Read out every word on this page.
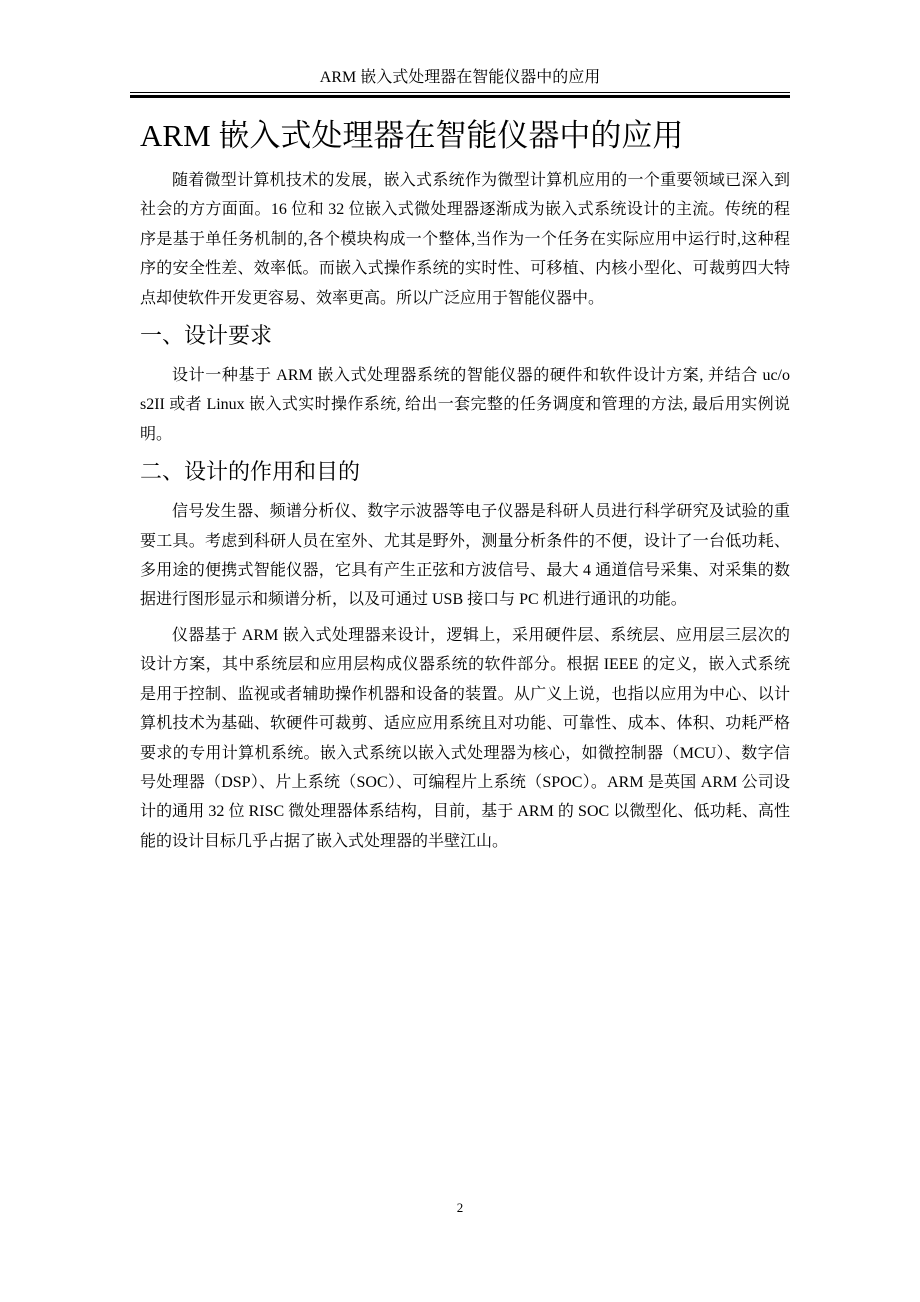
ARM 嵌入式处理器在智能仪器中的应用
ARM 嵌入式处理器在智能仪器中的应用

随着微型计算机技术的发展，嵌入式系统作为微型计算机应用的一个重要领域已深入到社会的方方面面。16 位和 32 位嵌入式微处理器逐渐成为嵌入式系统设计的主流。传统的程序是基于单任务机制的,各个模块构成一个整体,当作为一个任务在实际应用中运行时,这种程序的安全性差、效率低。而嵌入式操作系统的实时性、可移植、内核小型化、可裁剪四大特点却使软件开发更容易、效率更高。所以广泛应用于智能仪器中。

一、设计要求

设计一种基于 ARM 嵌入式处理器系统的智能仪器的硬件和软件设计方案, 并结合 uc/o s2II 或者 Linux 嵌入式实时操作系统, 给出一套完整的任务调度和管理的方法, 最后用实例说明。

二、设计的作用和目的

信号发生器、频谱分析仪、数字示波器等电子仪器是科研人员进行科学研究及试验的重要工具。考虑到科研人员在室外、尤其是野外，测量分析条件的不便，设计了一台低功耗、多用途的便携式智能仪器，它具有产生正弦和方波信号、最大 4 通道信号采集、对采集的数据进行图形显示和频谱分析，以及可通过 USB 接口与 PC 机进行通讯的功能。

仪器基于 ARM 嵌入式处理器来设计，逻辑上，采用硬件层、系统层、应用层三层次的设计方案，其中系统层和应用层构成仪器系统的软件部分。根据 IEEE 的定义，嵌入式系统是用于控制、监视或者辅助操作机器和设备的装置。从广义上说，也指以应用为中心、以计算机技术为基础、软硬件可裁剪、适应应用系统且对功能、可靠性、成本、体积、功耗严格要求的专用计算机系统。嵌入式系统以嵌入式处理器为核心，如微控制器（MCU）、数字信号处理器（DSP）、片上系统（SOC）、可编程片上系统（SPOC）。ARM 是英国 ARM 公司设计的通用 32 位 RISC 微处理器体系结构，目前，基于 ARM 的 SOC 以微型化、低功耗、高性能的设计目标几乎占据了嵌入式处理器的半壁江山。

2
